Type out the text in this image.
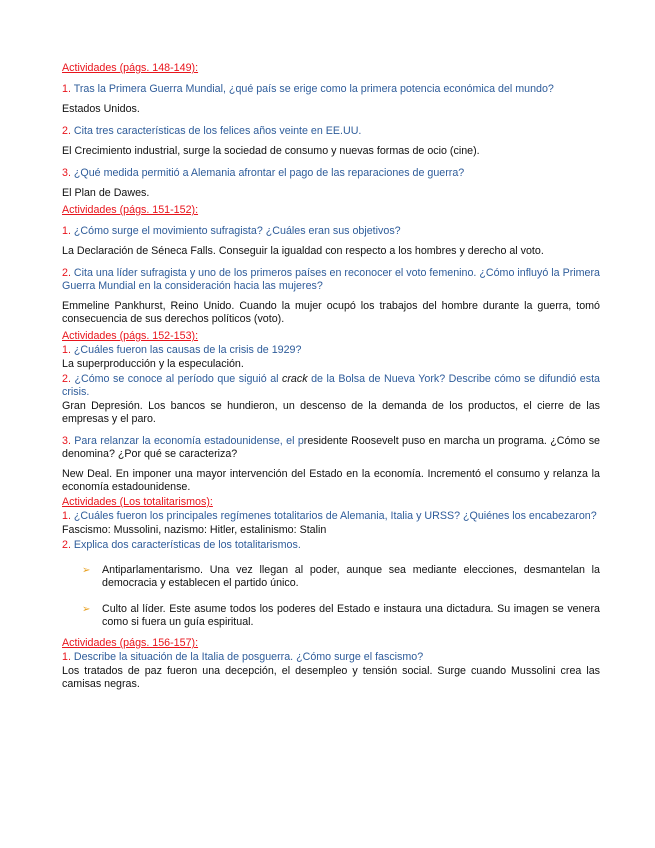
Actividades (págs. 148-149):
1. Tras la Primera Guerra Mundial, ¿qué país se erige como la primera potencia económica del mundo?
Estados Unidos.
2. Cita tres características de los felices años veinte en EE.UU.
El Crecimiento industrial, surge la sociedad de consumo y nuevas formas de ocio (cine).
3. ¿Qué medida permitió a Alemania afrontar el pago de las reparaciones de guerra?
El Plan de Dawes.
Actividades (págs. 151-152):
1. ¿Cómo surge el movimiento sufragista? ¿Cuáles eran sus objetivos?
La Declaración de Séneca Falls. Conseguir la igualdad con respecto a los hombres y derecho al voto.
2. Cita una líder sufragista y uno de los primeros países en reconocer el voto femenino. ¿Cómo influyó la Primera Guerra Mundial en la consideración hacia las mujeres?
Emmeline Pankhurst, Reino Unido. Cuando la mujer ocupó los trabajos del hombre durante la guerra, tomó consecuencia de sus derechos políticos (voto).
Actividades (págs. 152-153):
1. ¿Cuáles fueron las causas de la crisis de 1929?
La superproducción y la especulación.
2. ¿Cómo se conoce al período que siguió al crack de la Bolsa de Nueva York? Describe cómo se difundió esta crisis.
Gran Depresión. Los bancos se hundieron, un descenso de la demanda de los productos, el cierre de las empresas y el paro.
3. Para relanzar la economía estadounidense, el presidente Roosevelt puso en marcha un programa. ¿Cómo se denomina? ¿Por qué se caracteriza?
New Deal. En imponer una mayor intervención del Estado en la economía. Incrementó el consumo y relanza la economía estadounidense.
Actividades (Los totalitarismos):
1. ¿Cuáles fueron los principales regímenes totalitarios de Alemania, Italia y URSS? ¿Quiénes los encabezaron?
Fascismo: Mussolini, nazismo: Hitler, estalinismo: Stalin
2. Explica dos características de los totalitarismos.
➢ Antiparlamentarismo. Una vez llegan al poder, aunque sea mediante elecciones, desmantelan la democracia y establecen el partido único.
➢ Culto al líder. Este asume todos los poderes del Estado e instaura una dictadura. Su imagen se venera como si fuera un guía espiritual.
Actividades (págs. 156-157):
1. Describe la situación de la Italia de posguerra. ¿Cómo surge el fascismo?
Los tratados de paz fueron una decepción, el desempleo y tensión social. Surge cuando Mussolini crea las camisas negras.
